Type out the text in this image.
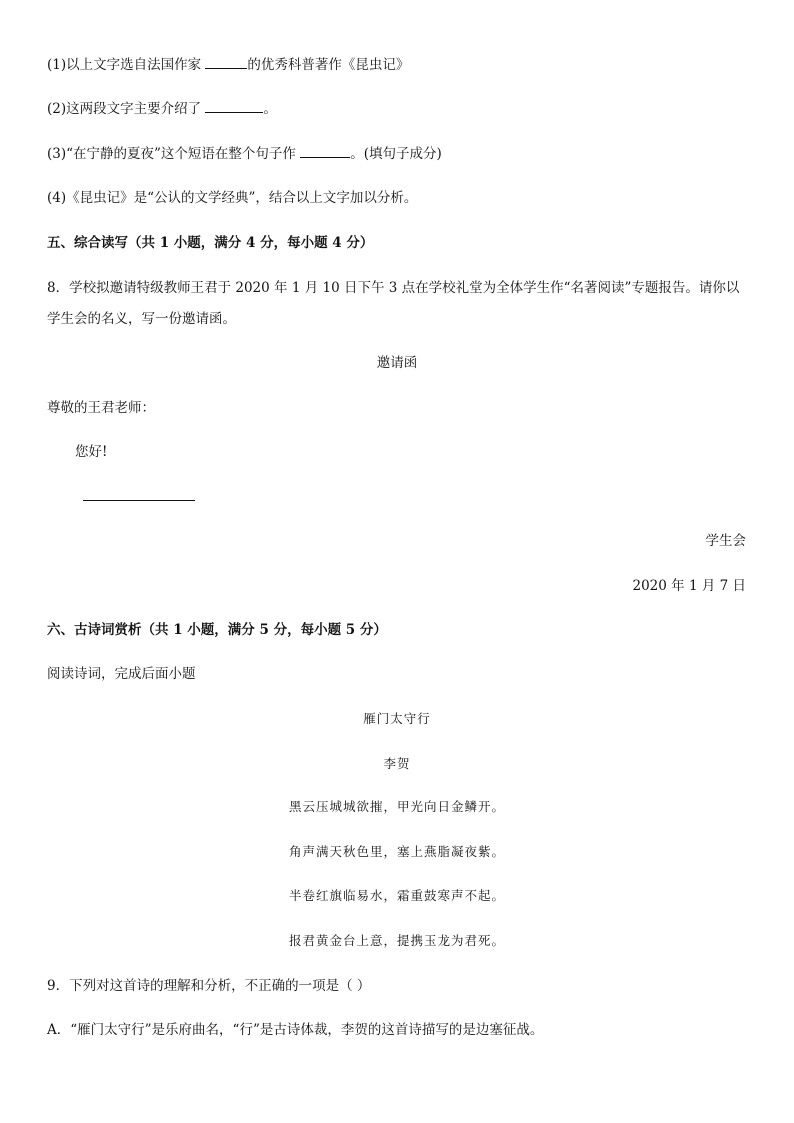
(1)以上文字选自法国作家	的优秀科普著作《昆虫记》
(2)这两段文字主要介绍了	。
(3)“在宁静的夏夜”这个短语在整个句子作	。(填句子成分)
(4)《昆虫记》是“公认的文学经典”，结合以上文字加以分析。
五、综合读写（共 1 小题，满分 4 分，每小题 4 分）
8．学校拟邀请特级教师王君于 2020 年 1 月 10 日下午 3 点在学校礼堂为全体学生作“名著阅读”专题报告。请你以
学生会的名义，写一份邀请函。
邀请函
尊敬的王君老师：
您好!
学生会
2020 年 1 月 7 日
六、古诗词赏析（共 1 小题，满分 5 分，每小题 5 分）
阅读诗词，完成后面小题
雁门太守行
李贺
黑云压城城欲摧，甲光向日金鳞开。
角声满天秋色里，塞上燕脂凝夜紫。
半卷红旗临易水，霜重鼓寒声不起。
报君黄金台上意，提携玉龙为君死。
9．下列对这首诗的理解和分析，不正确的一项是（ ）
A．“雁门太守行”是乐府曲名，“行”是古诗体裁，李贺的这首诗描写的是边塞征战。
